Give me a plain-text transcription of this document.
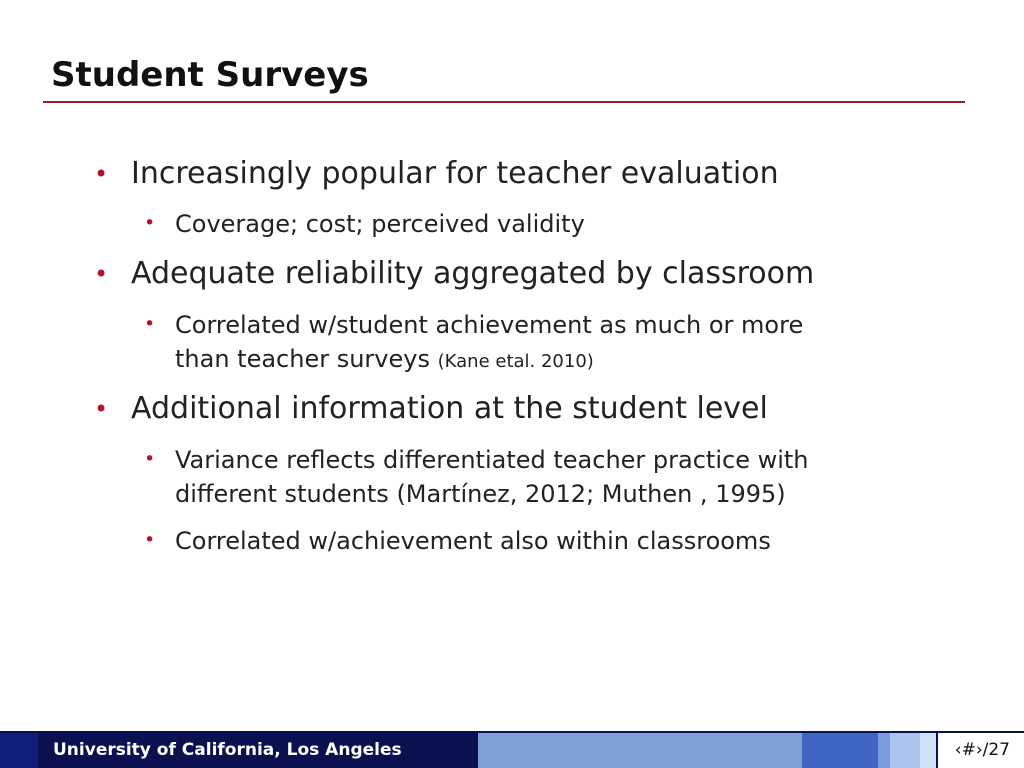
Student Surveys
• Increasingly popular for teacher evaluation
• Coverage; cost; perceived validity
• Adequate reliability aggregated by classroom
• Correlated w/student achievement as much or more
than teacher surveys (Kane etal. 2010)
• Additional information at the student level
• Variance reflects differentiated teacher practice with
different students (Martínez, 2012; Muthen , 1995)
• Correlated w/achievement also within classrooms
University of California, Los Angeles	‹#›/27
